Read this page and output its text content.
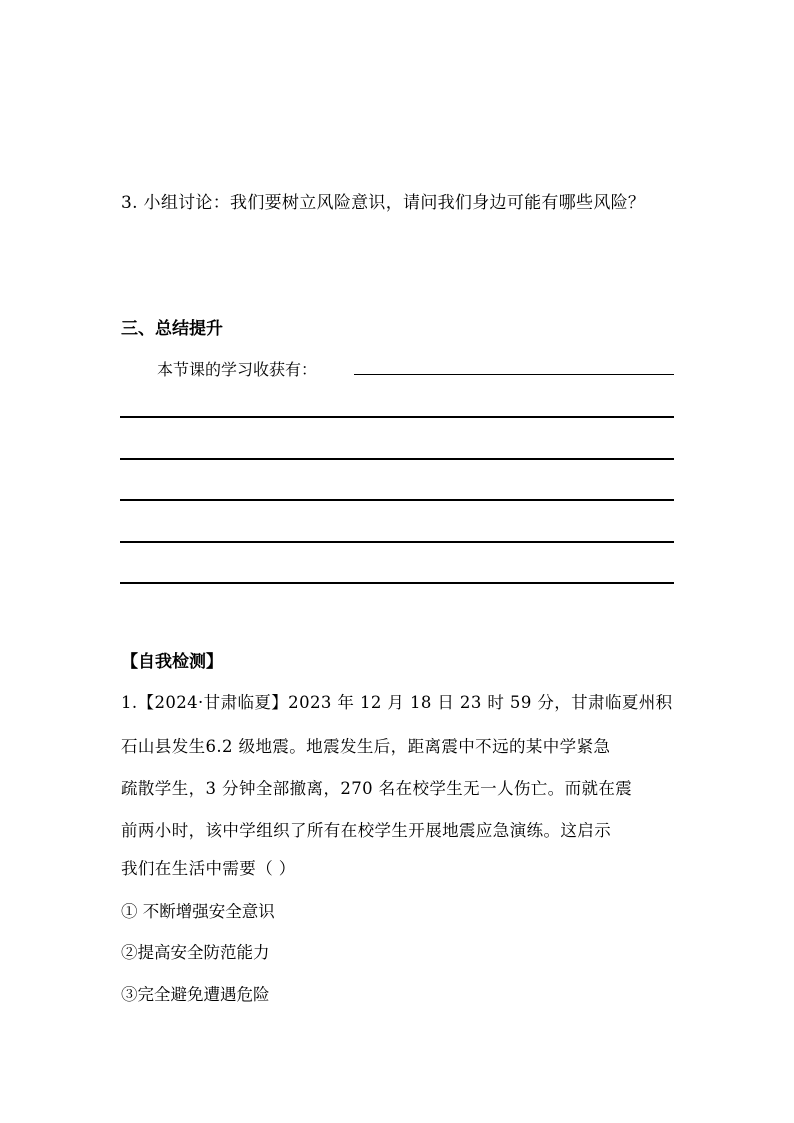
3. 小组讨论：我们要树立风险意识，请问我们身边可能有哪些风险？
三、总结提升
本节课的学习收获有：
【自我检测】
1.【2024·甘肃临夏】2023 年 12 月 18 日 23 时 59 分，甘肃临夏州积
石山县发生6.2 级地震。地震发生后，距离震中不远的某中学紧急
疏散学生，3 分钟全部撤离，270 名在校学生无一人伤亡。而就在震
前两小时，该中学组织了所有在校学生开展地震应急演练。这启示
我们在生活中需要（ ）
① 不断增强安全意识
②提高安全防范能力
③完全避免遭遇危险
